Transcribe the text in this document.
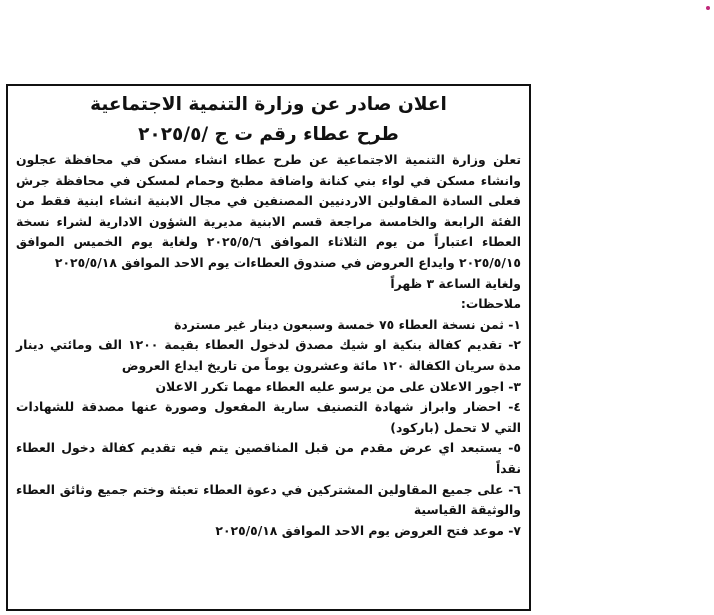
اعلان صادر عن وزارة التنمية الاجتماعية

طرح عطاء رقم ت ج /٢٠٢٥/٥

تعلن وزارة التنمية الاجتماعية عن طرح عطاء انشاء مسكن في محافظة عجلون وانشاء مسكن في لواء بني كنانة واضافة مطبخ وحمام لمسكن في محافظة جرش فعلى السادة المقاولين الاردنيين المصنفين في مجال الابنية انشاء ابنية فقط من الفئة الرابعة والخامسة مراجعة قسم الابنية مديرية الشؤون الادارية لشراء نسخة العطاء اعتباراً من يوم الثلاثاء الموافق ٢٠٢٥/٥/٦ ولغاية يوم الخميس الموافق ٢٠٢٥/٥/١٥ وايداع العروض في صندوق العطاءات يوم الاحد الموافق ٢٠٢٥/٥/١٨

ولغاية الساعة ٣ ظهراً

ملاحظات:

١- ثمن نسخة العطاء ٧٥ خمسة وسبعون دينار غير مستردة
٢- تقديم كفالة بنكية او شيك مصدق لدخول العطاء بقيمة ١٢٠٠ الف ومائتي دينار مدة سريان الكفالة ١٢٠ مائة وعشرون يوماً من تاريخ ايداع العروض
٣- اجور الاعلان على من يرسو عليه العطاء مهما تكرر الاعلان
٤- احضار وابراز شهادة التصنيف سارية المفعول وصورة عنها مصدقة للشهادات التي لا تحمل (باركود)
٥- يستبعد اي عرض مقدم من قبل المناقصين يتم فيه تقديم كفالة دخول العطاء نقداً
٦- على جميع المقاولين المشتركين في دعوة العطاء تعبئة وختم جميع وثائق العطاء والوثيقة القياسية
٧- موعد فتح العروض يوم الاحد الموافق ٢٠٢٥/٥/١٨
